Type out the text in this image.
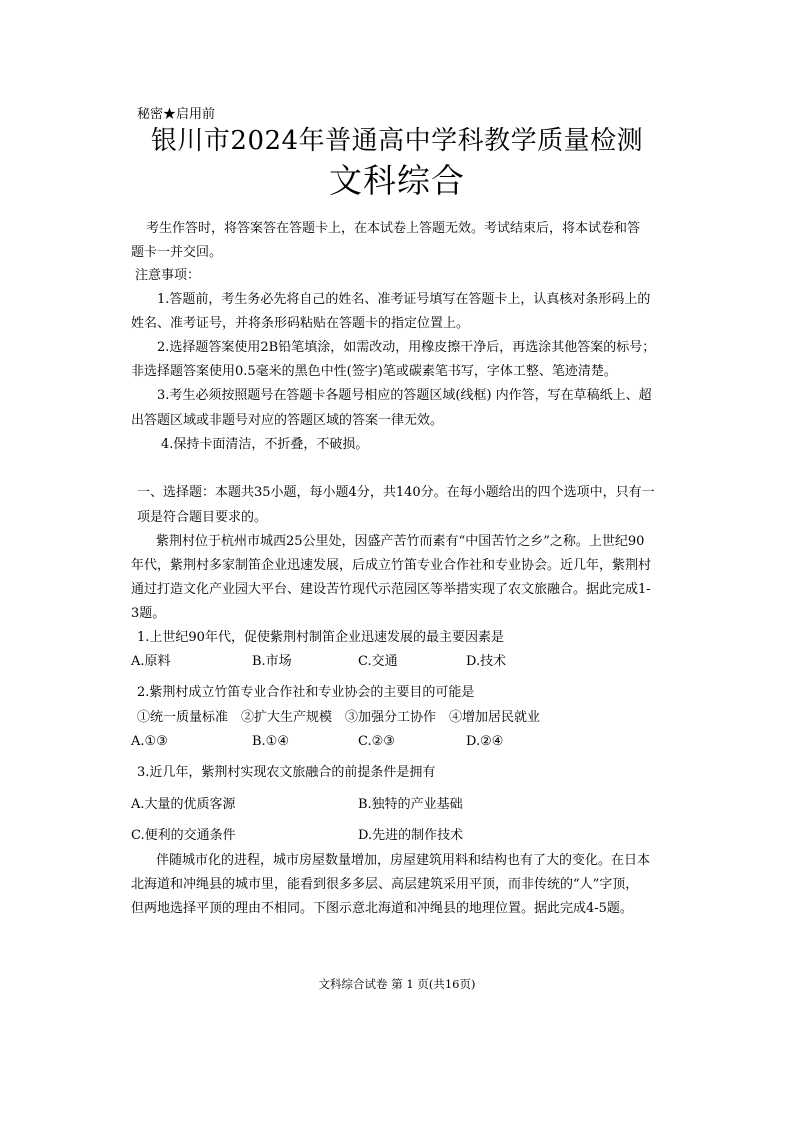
秘密★启用前
银川市2024年普通高中学科教学质量检测
文科综合
考生作答时，将答案答在答题卡上，在本试卷上答题无效。考试结束后，将本试卷和答
题卡一并交回。
注意事项：
1.答题前，考生务必先将自己的姓名、准考证号填写在答题卡上，认真核对条形码上的
姓名、准考证号，并将条形码粘贴在答题卡的指定位置上。
2.选择题答案使用2B铅笔填涂，如需改动，用橡皮擦干净后，再选涂其他答案的标号；
非选择题答案使用0.5毫米的黑色中性(签字)笔或碳素笔书写，字体工整、笔迹清楚。
3.考生必须按照题号在答题卡各题号相应的答题区域(线框) 内作答，写在草稿纸上、超
出答题区域或非题号对应的答题区域的答案一律无效。
4.保持卡面清洁，不折叠，不破损。
一、选择题：本题共35小题，每小题4分，共140分。在每小题给出的四个选项中，只有一
项是符合题目要求的。
紫荆村位于杭州市城西25公里处，因盛产苦竹而素有“中国苦竹之乡”之称。上世纪90
年代，紫荆村多家制笛企业迅速发展，后成立竹笛专业合作社和专业协会。近几年，紫荆村
通过打造文化产业园大平台、建设苦竹现代示范园区等举措实现了农文旅融合。据此完成1-
3题。
1.上世纪90年代，促使紫荆村制笛企业迅速发展的最主要因素是
A.原料	B.市场	C.交通	D.技术
2.紫荆村成立竹笛专业合作社和专业协会的主要目的可能是
①统一质量标准　②扩大生产规模　③加强分工协作　④增加居民就业
A.①③	B.①④	C.②③	D.②④
3.近几年，紫荆村实现农文旅融合的前提条件是拥有
A.大量的优质客源	B.独特的产业基础
C.便利的交通条件	D.先进的制作技术
伴随城市化的进程，城市房屋数量增加，房屋建筑用料和结构也有了大的变化。在日本
北海道和冲绳县的城市里，能看到很多多层、高层建筑采用平顶，而非传统的“人”字顶，
但两地选择平顶的理由不相同。下图示意北海道和冲绳县的地理位置。据此完成4-5题。
文科综合试卷 第 1 页(共16页)
